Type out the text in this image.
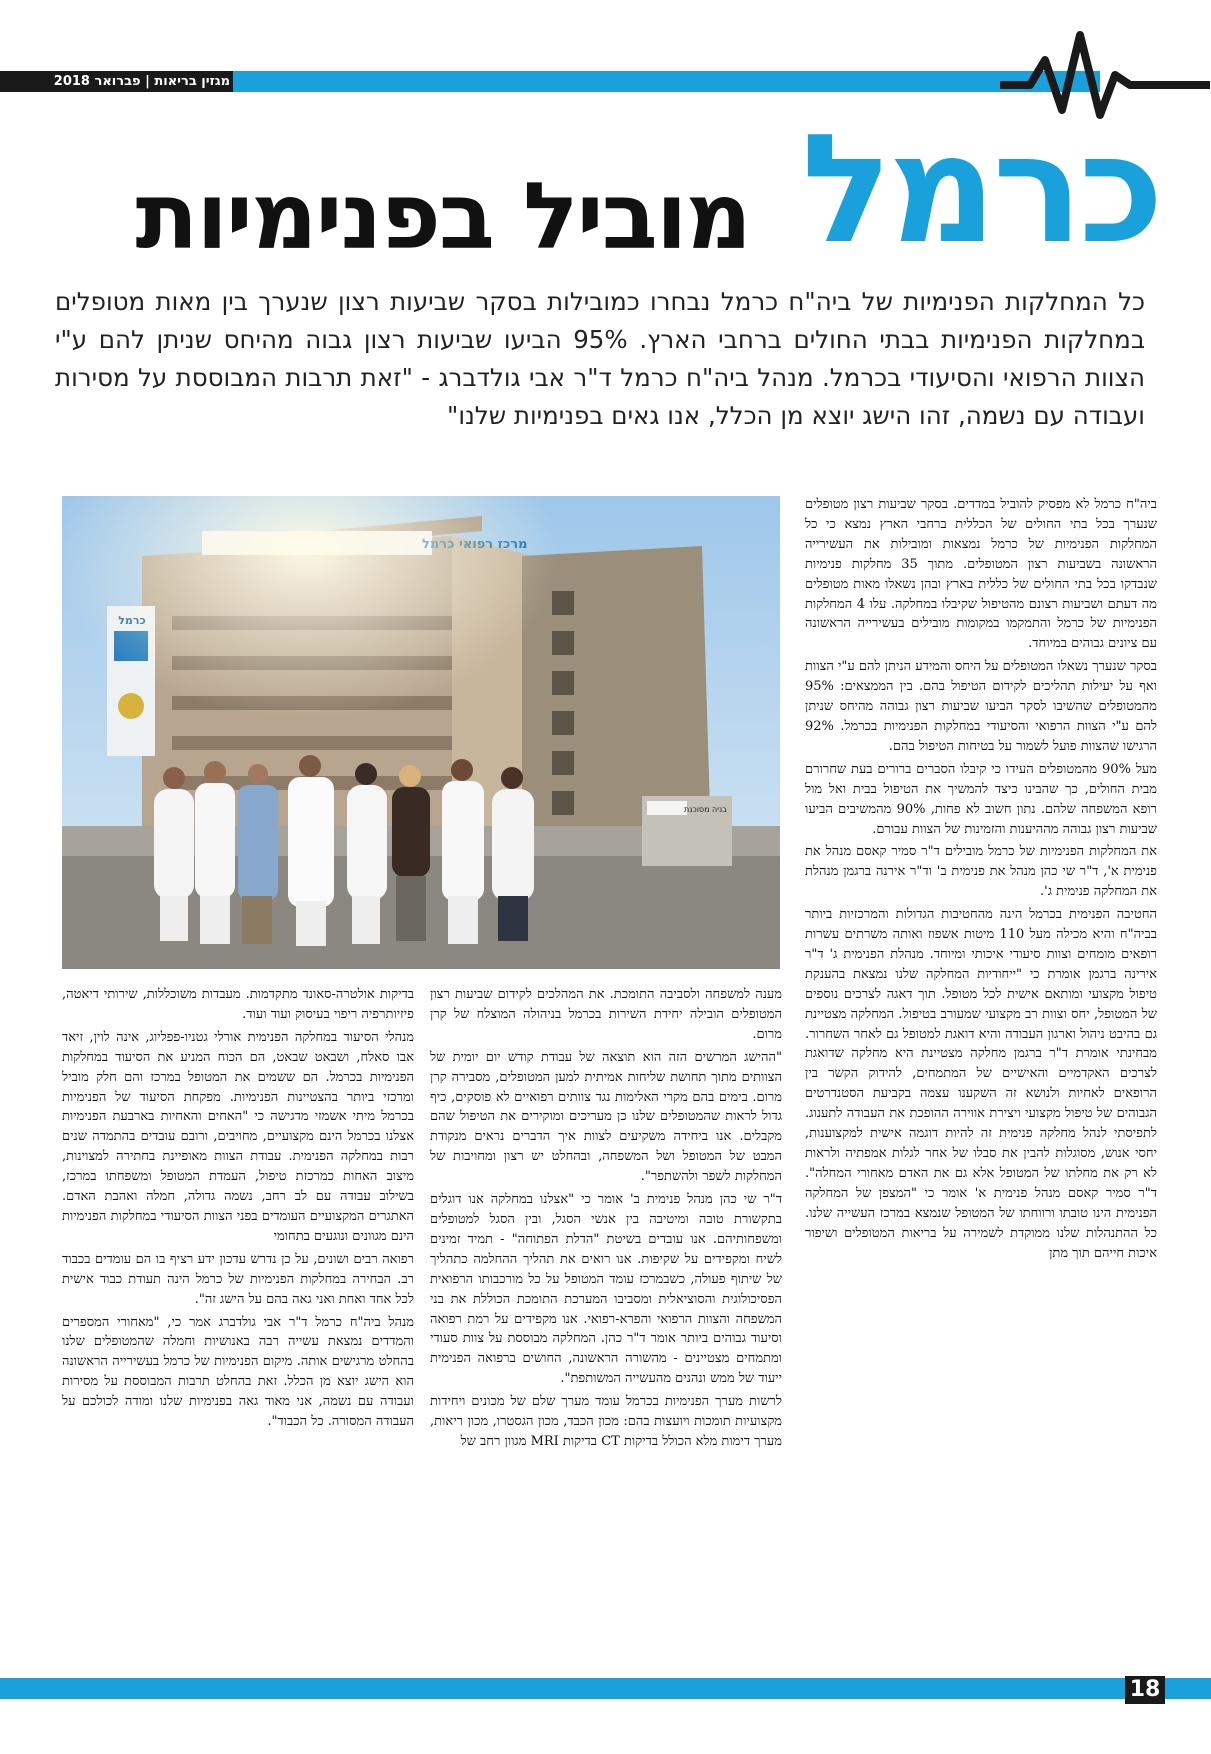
מגזין בריאות | פברואר 2018
כרמל
מוביל בפנימיות
כל המחלקות הפנימיות של ביה"ח כרמל נבחרו כמובילות בסקר שביעות רצון שנערך בין מאות מטופלים במחלקות הפנימיות בבתי החולים ברחבי הארץ. 95% הביעו שביעות רצון גבוה מהיחס שניתן להם ע"י הצוות הרפואי והסיעודי בכרמל. מנהל ביה"ח כרמל ד"ר אבי גולדברג - "זאת תרבות המבוססת על מסירות ועבודה עם נשמה, זהו הישג יוצא מן הכלל, אנו גאים בפנימיות שלנו"
בניה מסוכנת

ביה"ח כרמל לא מפסיק להוביל במדדים. בסקר שביעות רצון מטופלים שנערך בכל בתי החולים של הכללית ברחבי הארץ נמצא כי כל המחלקות הפנימיות של כרמל נמצאות ומובילות את העשירייה הראשונה בשביעות רצון המטופלים. מתוך 35 מחלקות פנימיות שנבדקו בכל בתי החולים של כללית בארץ ובהן נשאלו מאות מטופלים מה דעתם ושביעות רצונם מהטיפול שקיבלו במחלקה. עלו 4 המחלקות הפנימיות של כרמל והתמקמו במקומות מובילים בעשירייה הראשונה עם ציונים גבוהים במיוחד.

בסקר שנערך נשאלו המטופלים על היחס והמידע הניתן להם ע"י הצוות ואף על יעילות תהליכים לקידום הטיפול בהם. בין הממצאים: 95% מהמטופלים שהשיבו לסקר הביעו שביעות רצון גבוהה מהיחס שניתן להם ע"י הצוות הרפואי והסיעודי במחלקות הפנימיות בכרמל. 92% הרגישו שהצוות פועל לשמור על בטיחות הטיפול בהם.

מעל 90% מהמטופלים העידו כי קיבלו הסברים ברורים בעת שחרורם מבית החולים, כך שהבינו כיצד להמשיך את הטיפול בבית ואל מול רופא המשפחה שלהם. נתון חשוב לא פחות, 90% מהמשיבים הביעו שביעות רצון גבוהה מההיענות והזמינות של הצוות עבורם.

את המחלקות הפנימיות של כרמל מובילים ד"ר סמיר קאסם מנהל את פנימית א', ד"ר שי כהן מנהל את פנימית ב' וד"ר אירנה ברגמן מנהלת את המחלקה פנימית ג'.

החטיבה הפנימית בכרמל הינה מהחטיבות הגדולות והמרכזיות ביותר בביה"ח והיא מכילה מעל 110 מיטות אשפוז ואותה משרתים עשרות רופאים מומחים וצוות סיעודי איכותי ומיוחד. מנהלת הפנימית ג' ד"ר אירינה ברגמן אומרת כי "ייחודיות המחלקה שלנו נמצאת בהענקת טיפול מקצועי ומותאם אישית לכל מטופל. תוך דאגה לצרכים נוספים של המטופל, יחס וצוות רב מקצועי שמעורב בטיפול. המחלקה מצטיינת גם בהיבט ניהול וארגון העבודה והיא דואגת למטופל גם לאחר השחרור. מבחינתי אומרת ד"ר ברגמן מחלקה מצטיינת היא מחלקה שדואגת לצרכים האקדמיים והאישיים של המתמחים, להידוק הקשר בין הרופאים לאחיות ולנושא זה השקענו עצמה בקביעת הסטנדרטים הגבוהים של טיפול מקצועי ויצירת אווירה ההופכת את העבודה לתענוג. לתפיסתי לנהל מחלקה פנימית זה להיות דוגמה אישית למקצוענות, יחסי אנוש, מסוגלות להבין את סבלו של אחר לגלות אמפתיה ולראות לא רק את מחלתו של המטופל אלא גם את האדם מאחורי המחלה". ד"ר סמיר קאסם מנהל פנימית א' אומר כי "המצפן של המחלקה הפנימית הינו טובתו ורווחתו של המטופל שנמצא במרכז העשייה שלנו. כל ההתנהלות שלנו ממוקדת לשמירה על בריאות המטופלים ושיפור איכות חייהם תוך מתן

מענה למשפחה ולסביבה התומכת. את המהלכים לקידום שביעות רצון המטופלים הובילה יחידת השירות בכרמל בניהולה המוצלח של קרן מרום.

"ההישג המרשים הזה הוא תוצאה של עבודת קודש יום יומית של הצוותים מתוך תחושת שליחות אמיתית למען המטופלים, מסבירה קרן מרום. בימים בהם מקרי האלימות נגד צוותים רפואיים לא פוסקים, כיף גדול לראות שהמטופלים שלנו כן מעריכים ומוקירים את הטיפול שהם מקבלים. אנו ביחידה משקיעים לצוות איך הדברים נראים מנקודת המבט של המטופל ושל המשפחה, ובהחלט יש רצון ומחויבות של המחלקות לשפר ולהשתפר".

ד"ר שי כהן מנהל פנימית ב' אומר כי "אצלנו במחלקה אנו דוגלים בתקשורת טובה ומיטיבה בין אנשי הסגל, ובין הסגל למטופלים ומשפחותיהם. אנו עובדים בשיטת "הדלת הפתוחה" - תמיד זמינים לשיח ומקפידים על שקיפות. אנו רואים את תהליך ההחלמה כתהליך של שיתוף פעולה, כשבמרכז עומד המטופל על כל מורכבותו הרפואית הפסיכולוגית והסוציאלית ומסביבו המערכת התומכת הכוללת את בני המשפחה והצוות הרפואי והפרא-רפואי. אנו מקפידים על רמת רפואה וסיעוד גבוהים ביותר אומר ד"ר כהן. המחלקה מבוססת על צוות סעודי ומתמחים מצטיינים - מהשורה הראשונה, החושים ברפואה הפנימית ייעוד של ממש ונהנים מהעשייה המשותפת".

לרשות מערך הפנימיות בכרמל עומד מערך שלם של מכונים ויחידות מקצועיות תומכות ויועצות בהם: מכון הכבד, מכון הגסטרו, מכון ריאות, מערך דימות מלא הכולל בדיקות CT בדיקות MRI מגוון רחב של

בדיקות אולטרה-סאונד מתקדמות. מעבדות משוכללות, שירותי דיאטה, פיזיותרפיה ריפוי בעיסוק ועוד ועוד.

מנהלי הסיעוד במחלקה הפנימית אורלי גטניו-פפליוג, אינה לוין, זיאד אבו סאלח, ושבאט שבאט, הם הכוח המניע את הסיעוד במחלקות הפנימיות בכרמל. הם ששמים את המטופל במרכז והם חלק מוביל ומרכזי ביותר בהצטיינות הפנימיות. מפקחת הסיעוד של הפנימיות בכרמל מיתי אשמזי מדגישה כי "האחים והאחיות בארבעת הפנימיות אצלנו בכרמל הינם מקצועיים, מחויבים, ורובם עובדים בהתמדה שנים רבות במחלקה הפנימית. עבודת הצוות מאופיינת בחתירה למצוינות, מיצוב האחות כמרכזת טיפול, העמדת המטופל ומשפחתו במרכז, בשילוב עבודה עם לב רחב, נשמה גדולה, חמלה ואהבת האדם. האתגרים המקצועיים העומדים בפני הצוות הסיעודי במחלקות הפנימיות הינם מגוונים ונוגעים בתחומי

רפואה רבים ושונים, על כן נדרש עדכון ידע רציף בו הם עומדים בכבוד רב. הבחירה במחלקות הפנימיות של כרמל הינה תעודת כבוד אישית לכל אחד ואחת ואני גאה בהם על הישג זה".

מנהל ביה"ח כרמל ד"ר אבי גולדברג אמר כי, "מאחורי המספרים והמדדים נמצאת עשייה רבה באנושיות וחמלה שהמטופלים שלנו בהחלט מרגישים אותה. מיקום הפנימיות של כרמל בעשירייה הראשונה הוא הישג יוצא מן הכלל. זאת בהחלט תרבות המבוססת על מסירות ועבודה עם נשמה, אני מאוד גאה בפנימיות שלנו ומודה לכולכם על העבודה המסורה. כל הכבוד".

18
